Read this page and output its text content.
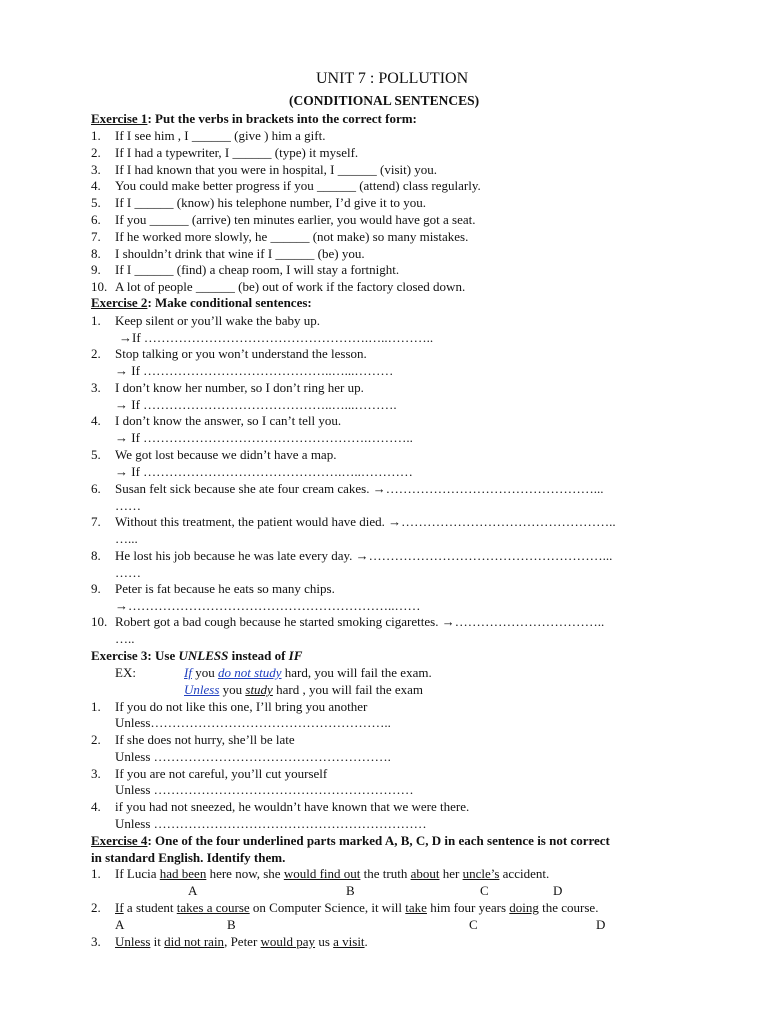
UNIT 7 : POLLUTION
(CONDITIONAL SENTENCES)
Exercise 1: Put the verbs in brackets into the correct form:
1. If I see him , I ______ (give ) him a gift.
2. If I had a typewriter, I ______ (type) it myself.
3. If I had known that you were in hospital, I ______ (visit) you.
4. You could make better progress if you ______ (attend) class regularly.
5. If I ______ (know) his telephone number, I’d give it to you.
6. If you ______ (arrive) ten minutes earlier, you would have got a seat.
7. If he worked more slowly, he ______ (not make) so many mistakes.
8. I shouldn’t drink that wine if I ______ (be) you.
9. If I ______ (find) a cheap room, I will stay a fortnight.
10. A lot of people ______ (be) out of work if the factory closed down.
Exercise 2: Make conditional sentences:
1. Keep silent or you’ll wake the baby up.
→If …………………………………………….…..………..
2. Stop talking or you won’t understand the lesson.
→ If ……………………………………..…...………
3. I don’t know her number, so I don’t ring her up.
→ If ……………………………………..…...……….
4. I don’t know the answer, so I can’t tell you.
→ If …………………………………………….………..
5. We got lost because we didn’t have a map.
→ If ……………………………………….…..…………
6. Susan felt sick because she ate four cream cakes. →…………………………………………...
……
7. Without this treatment, the patient would have died. →…………………………………………..
…...
8. He lost his job because he was late every day. →………………………………………………...
……
9. Peter is fat because he eats so many chips.
→……………………………………………………..……
10. Robert got a bad cough because he started smoking cigarettes. →……………………………..
…..
Exercise 3: Use UNLESS instead of IF
EX:	If you do not study hard, you will fail the exam.
Unless you study hard , you will fail the exam
1. If you do not like this one, I’ll bring you another
Unless………………………………………………..
2. If she does not hurry, she’ll be late
Unless ……………………………………………….
3. If you are not careful, you’ll cut yourself
Unless ……………………………………………………
4. if you had not sneezed, he wouldn’t have known that we were there.
Unless ………………………………………………………
Exercise 4: One of the four underlined parts marked A, B, C, D in each sentence is not correct
in standard English. Identify them.
1. If Lucia had been here now, she would find out the truth about her uncle’s accident.
A	B	C	D
2. If a student takes a course on Computer Science, it will take him four years doing the course.
A	B	C	D
3. Unless it did not rain, Peter would pay us a visit.
